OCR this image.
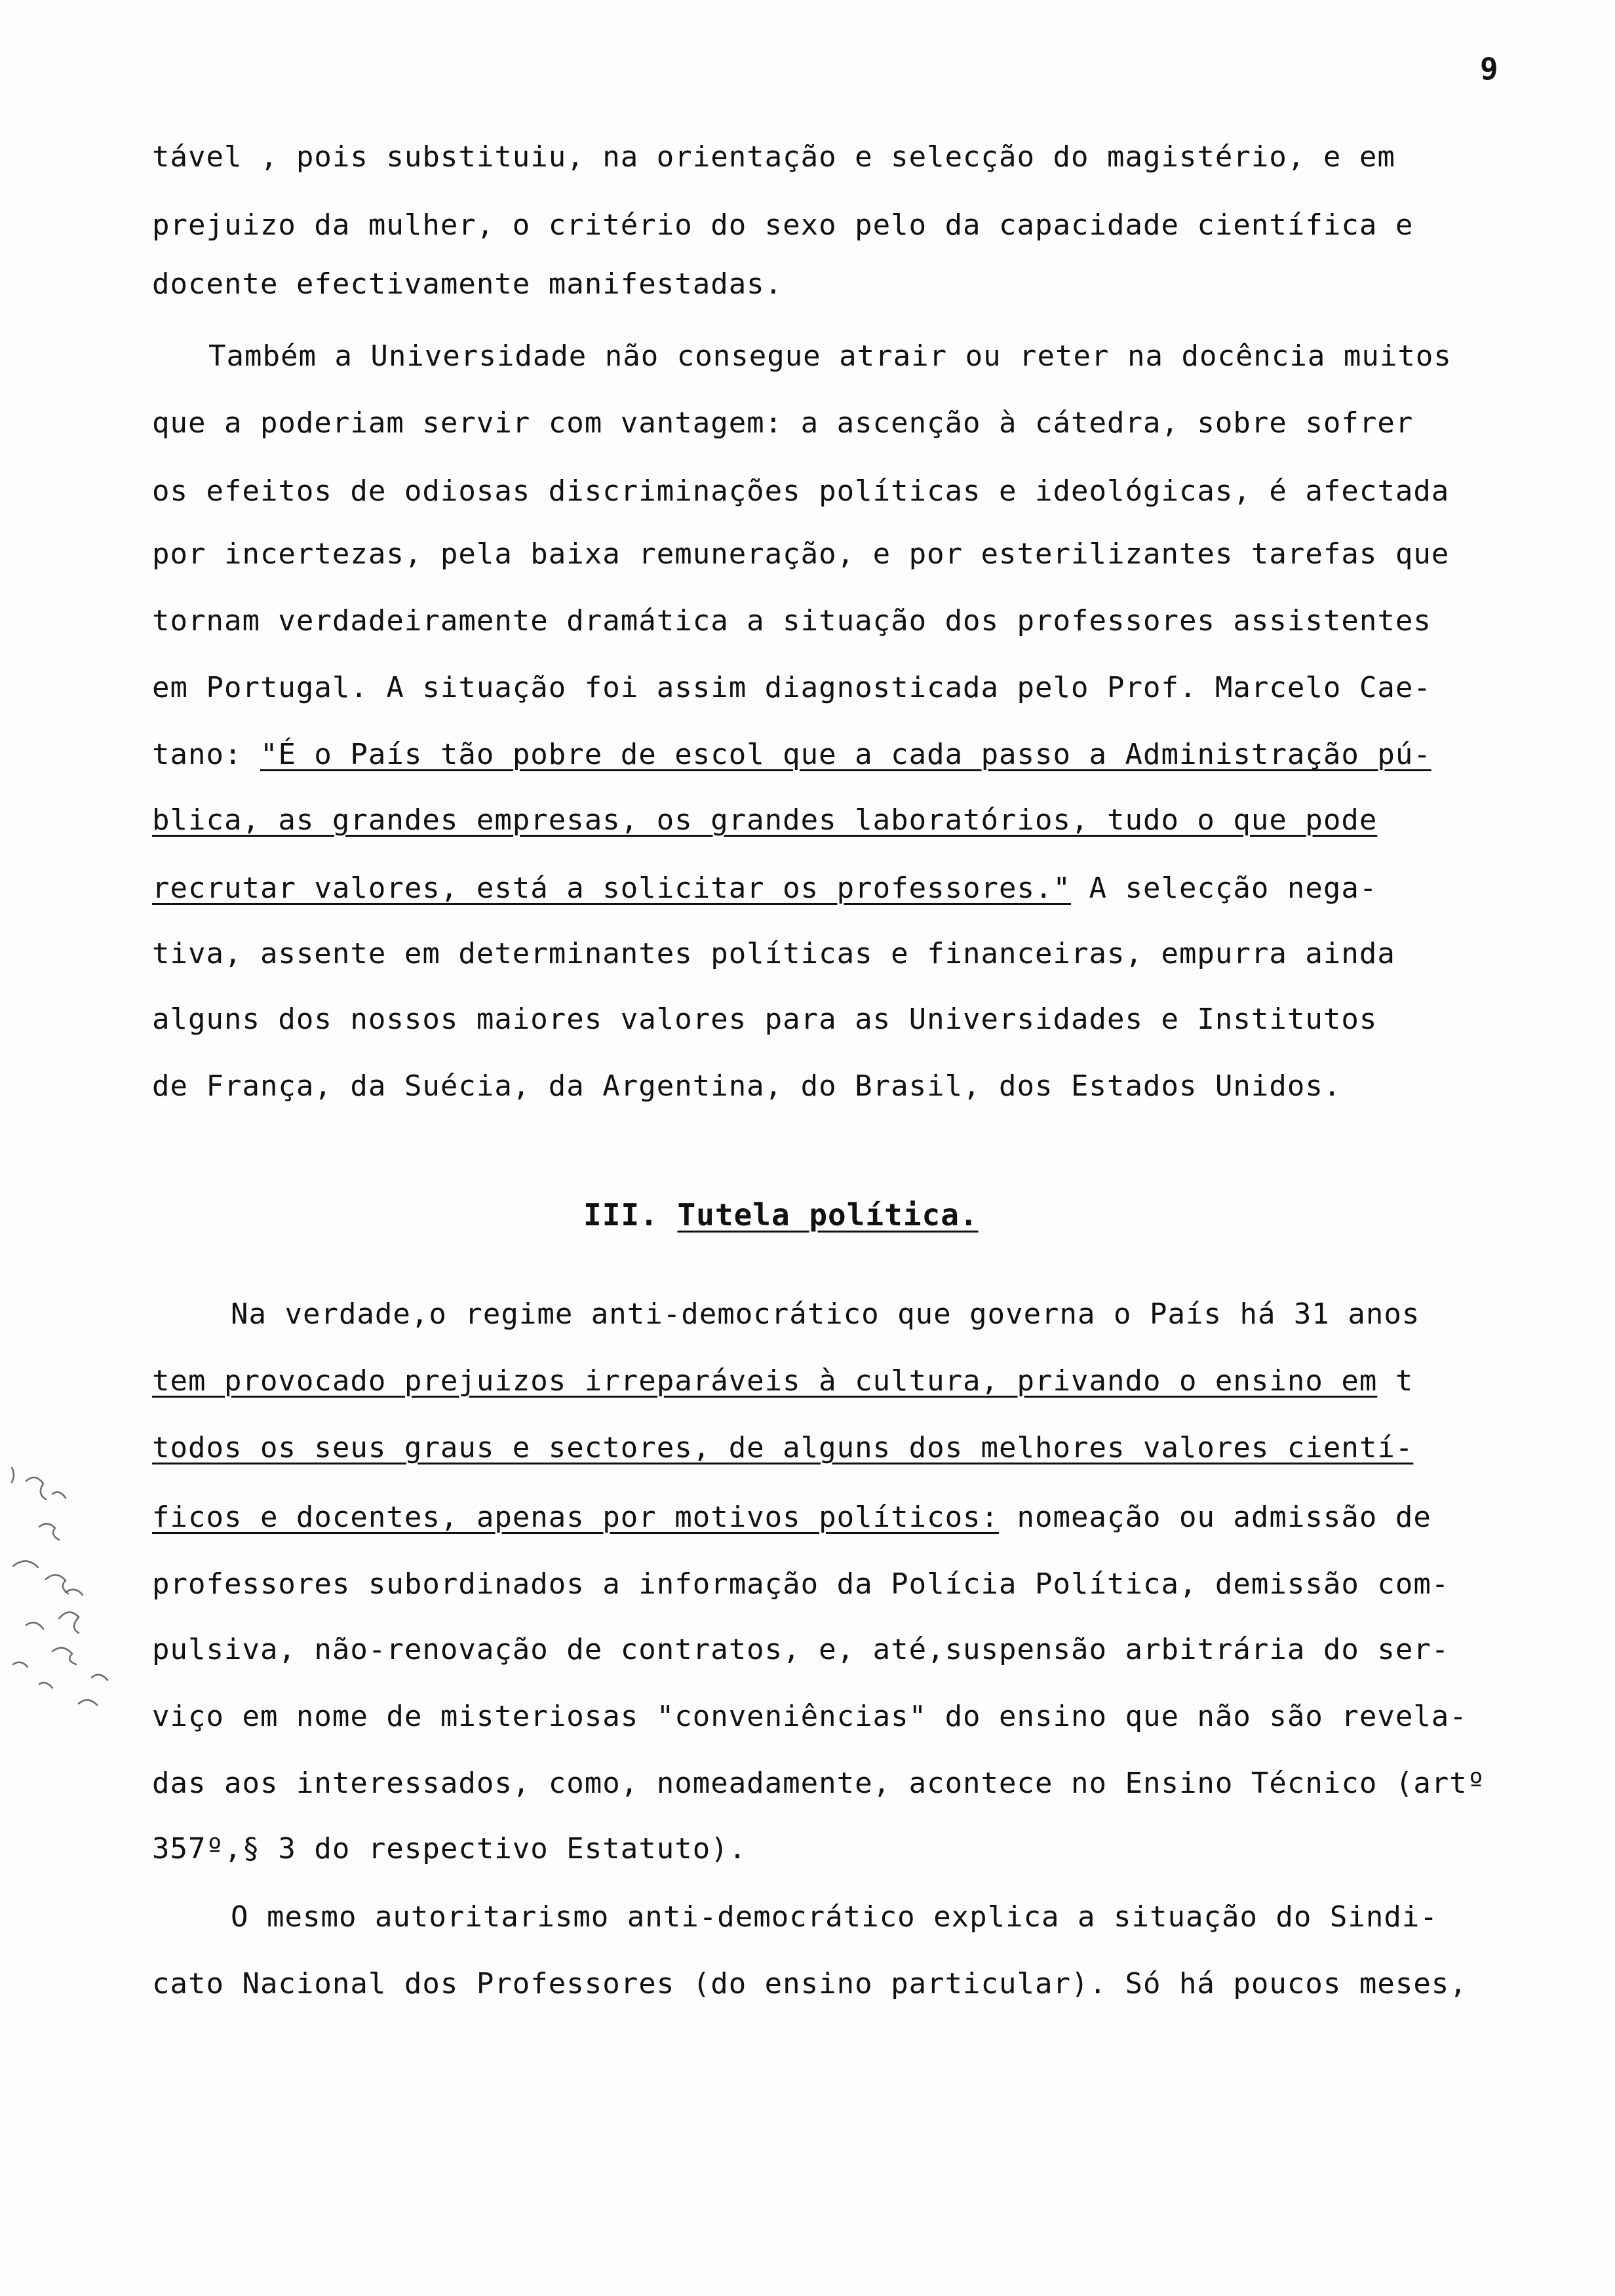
9
tável , pois substituiu, na orientação e selecção do magistério, e em
prejuizo da mulher, o critério do sexo pelo da capacidade científica e
docente efectivamente manifestadas.
Também a Universidade não consegue atrair ou reter na docência muitos
que a poderiam servir com vantagem: a ascenção à cátedra, sobre sofrer
os efeitos de odiosas discriminações políticas e ideológicas, é afectada
por incertezas, pela baixa remuneração, e por esterilizantes tarefas que
tornam verdadeiramente dramática a situação dos professores assistentes
em Portugal. A situação foi assim diagnosticada pelo Prof. Marcelo Cae-
tano: "É o País tão pobre de escol que a cada passo a Administração pú-
blica, as grandes empresas, os grandes laboratórios, tudo o que pode
recrutar valores, está a solicitar os professores." A selecção nega-
tiva, assente em determinantes políticas e financeiras, empurra ainda
alguns dos nossos maiores valores para as Universidades e Institutos
de França, da Suécia, da Argentina, do Brasil, dos Estados Unidos.
III. Tutela política.
Na verdade,o regime anti-democrático que governa o País há 31 anos
tem provocado prejuizos irreparáveis à cultura, privando o ensino em t
todos os seus graus e sectores, de alguns dos melhores valores cientí-
ficos e docentes, apenas por motivos políticos: nomeação ou admissão de
professores subordinados a informação da Polícia Política, demissão com-
pulsiva, não-renovação de contratos, e, até,suspensão arbitrária do ser-
viço em nome de misteriosas "conveniências" do ensino que não são revela-
das aos interessados, como, nomeadamente, acontece no Ensino Técnico (artº
357º,§ 3 do respectivo Estatuto).
O mesmo autoritarismo anti-democrático explica a situação do Sindi-
cato Nacional dos Professores (do ensino particular). Só há poucos meses,
